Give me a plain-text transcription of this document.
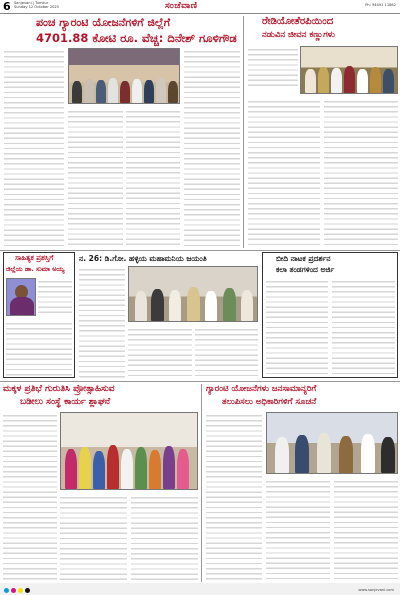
6 Sanjevani | Tumkur
Sunday 12 October 2025	ಸಂಜೆವಾಣಿ	Ph: 94491 11862
ಪಂಚ ಗ್ಯಾರಂಟಿ ಯೋಜನೆಗಳಿಗೆ ಜಿಲ್ಲೆಗೆ
4701.88 ಕೋಟಿ ರೂ. ವೆಚ್ಚ: ದಿನೇಶ್ ಗೂಳಿಗೌಡ
ರೇಡಿಯೋತೆರಪಿಯಿಂದ
ನಡುವಿನ ಜೀವನ ಕಣ್ಣುಗಳು
ಸಾಹಿತ್ಯಕ ಪ್ರಶಸ್ತಿಗೆ
ಜಿಲ್ಲೆಯ ಡಾ. ಸುಮಾ ಅಯ್ಯ
ನ. 26: ಡಿ.ಗೋ. ಹಳ್ಳಿಯ ಮಹಾಮನಿಯ ಜಯಂತಿ	ಬೀದಿ ನಾಟಕ ಪ್ರದರ್ಶನ
ಕಲಾ ತಂಡಗಳಿಂದ ಅರ್ಜಿ
ಮಕ್ಕಳ ಪ್ರತಿಭೆ ಗುರುತಿಸಿ ಪ್ರೋತ್ಸಾಹಿಸುವ
ಬಡೀಲು ಸಂಸ್ಥೆ ಕಾರ್ಯ ಶ್ಲಾಘನೆ
ಗ್ಯಾರಂಟಿ ಯೋಜನೆಗಳು ಜನಸಾಮಾನ್ಯರಿಗೆ
ತಲುಪಿಸಲು ಅಧಿಕಾರಿಗಳಿಗೆ ಸೂಚನೆ
www.sanjevani.com
